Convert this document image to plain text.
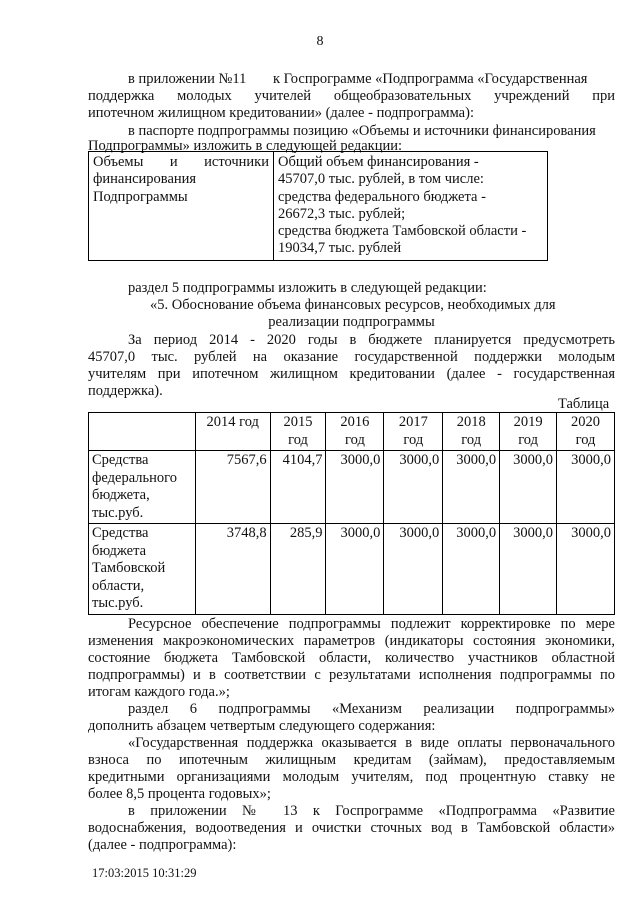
8
в приложении №11 к Госпрограмме «Подпрограмма «Государственная
поддержка молодых учителей общеобразовательных учреждений при
ипотечном жилищном кредитовании» (далее - подпрограмма):
в паспорте подпрограммы позицию «Объемы и источники финансирования
Подпрограммы» изложить в следующей редакции:
Объемы и источники
финансирования
Подпрограммы

Общий объем финансирования -
45707,0 тыс. рублей, в том числе:
средства федерального бюджета -
26672,3 тыс. рублей;
средства бюджета Тамбовской области -
19034,7 тыс. рублей
раздел 5 подпрограммы изложить в следующей редакции:
«5. Обоснование объема финансовых ресурсов, необходимых для
реализации подпрограммы
За период 2014 - 2020 годы в бюджете планируется предусмотреть
45707,0 тыс. рублей на оказание государственной поддержки молодым
учителям при ипотечном жилищном кредитовании (далее - государственная
поддержка).
Таблица
	2014 год	2015 год	2016 год	2017 год	2018 год	2019 год	2020 год
Средства федерального бюджета, тыс.руб.	7567,6	4104,7	3000,0	3000,0	3000,0	3000,0	3000,0
Средства бюджета Тамбовской области, тыс.руб.	3748,8	285,9	3000,0	3000,0	3000,0	3000,0	3000,0
Ресурсное обеспечение подпрограммы подлежит корректировке по мере
изменения макроэкономических параметров (индикаторы состояния экономики,
состояние бюджета Тамбовской области, количество участников областной
подпрограммы) и в соответствии с результатами исполнения подпрограммы по
итогам каждого года.»;
раздел 6 подпрограммы «Механизм реализации подпрограммы»
дополнить абзацем четвертым следующего содержания:
«Государственная поддержка оказывается в виде оплаты первоначального
взноса по ипотечным жилищным кредитам (займам), предоставляемым
кредитными организациями молодым учителям, под процентную ставку не
более 8,5 процента годовых»;
в приложении № 13 к Госпрограмме «Подпрограмма «Развитие
водоснабжения, водоотведения и очистки сточных вод в Тамбовской области»
(далее - подпрограмма):
17:03:2015 10:31:29
